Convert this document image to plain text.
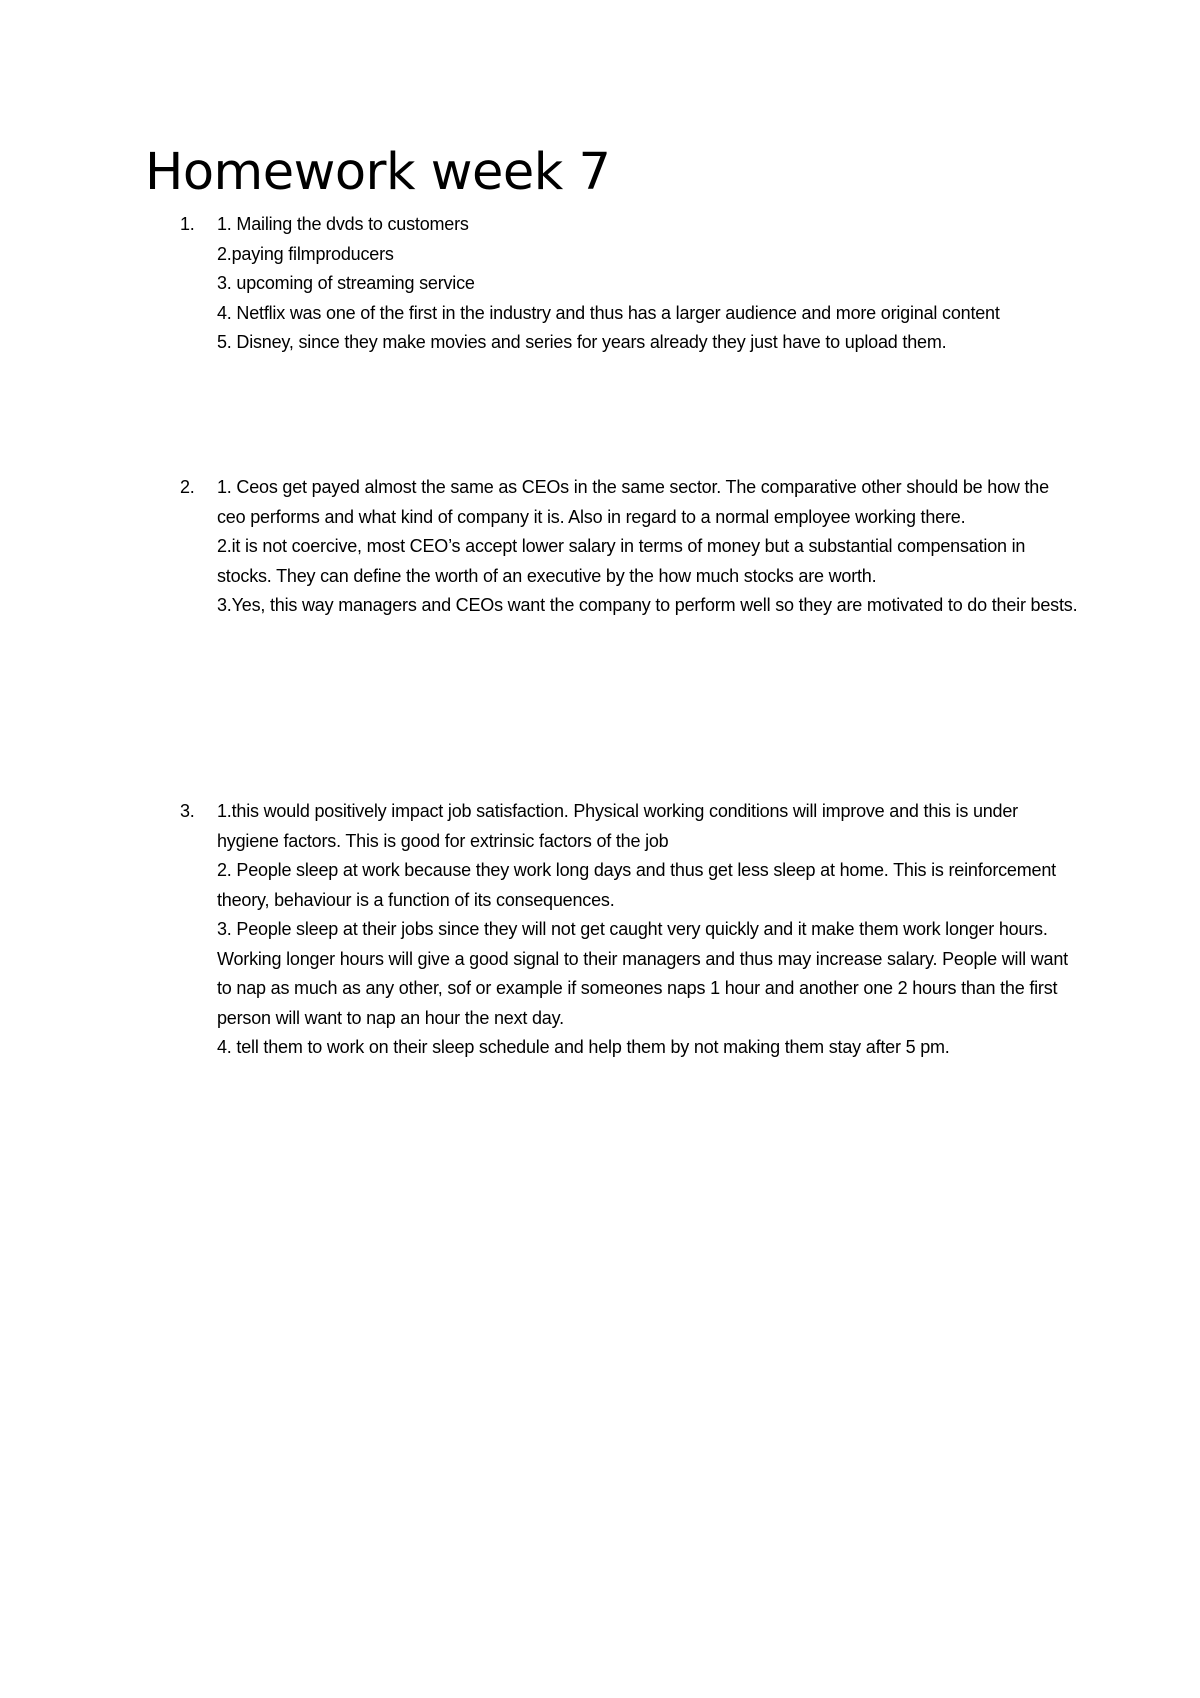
Homework week 7
1.	1. Mailing the dvds to customers
2.paying filmproducers
3. upcoming of streaming service
4. Netflix was one of the first in the industry and thus has a larger audience and more original content
5. Disney, since they make movies and series for years already they just have to upload them.
2.	1. Ceos get payed almost the same as CEOs in the same sector. The comparative other should be how the ceo performs and what kind of company it is. Also in regard to a normal employee working there.
2.it is not coercive, most CEO’s accept lower salary in terms of money but a substantial compensation in stocks. They can define the worth of an executive by the how much stocks are worth.
3.Yes, this way managers and CEOs want the company to perform well so they are motivated to do their bests.
3.	1.this would positively impact job satisfaction. Physical working conditions will improve and this is under hygiene factors. This is good for extrinsic factors of the job
2. People sleep at work because they work long days and thus get less sleep at home. This is reinforcement theory, behaviour is a function of its consequences.
3. People sleep at their jobs since they will not get caught very quickly and it make them work longer hours. Working longer hours will give a good signal to their managers and thus may increase salary. People will want to nap as much as any other, sof or example if someones naps 1 hour and another one 2 hours than the first person will want to nap an hour the next day.
4. tell them to work on their sleep schedule and help them by not making them stay after 5 pm.
